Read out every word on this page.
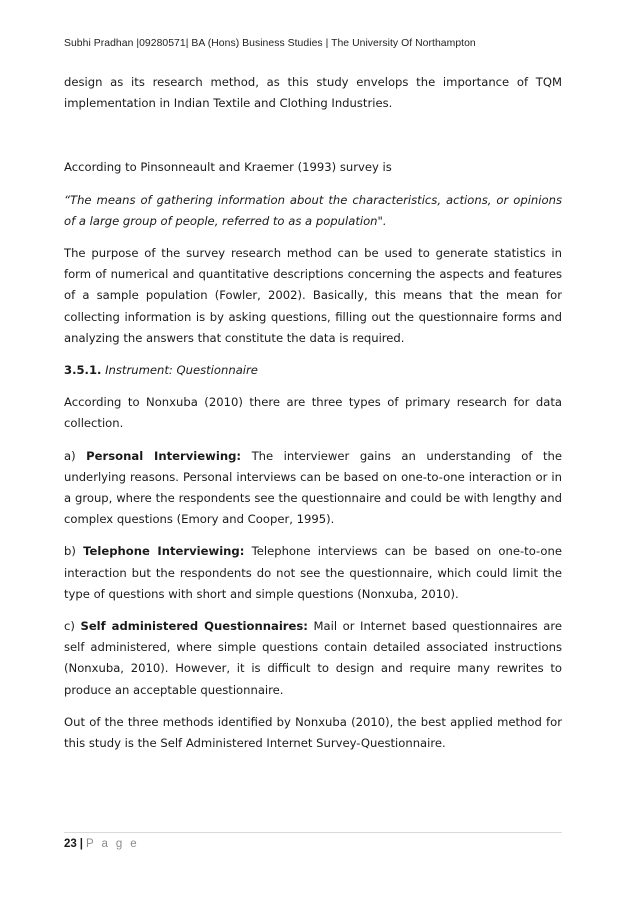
Subhi Pradhan |09280571| BA (Hons) Business Studies | The University Of Northampton

design as its research method, as this study envelops the importance of TQM implementation in Indian Textile and Clothing Industries.

According to Pinsonneault and Kraemer (1993) survey is

“The means of gathering information about the characteristics, actions, or opinions of a large group of people, referred to as a population".

The purpose of the survey research method can be used to generate statistics in form of numerical and quantitative descriptions concerning the aspects and features of a sample population (Fowler, 2002). Basically, this means that the mean for collecting information is by asking questions, filling out the questionnaire forms and analyzing the answers that constitute the data is required.

3.5.1. Instrument: Questionnaire

According to Nonxuba (2010) there are three types of primary research for data collection.

a) Personal Interviewing: The interviewer gains an understanding of the underlying reasons. Personal interviews can be based on one-to-one interaction or in a group, where the respondents see the questionnaire and could be with lengthy and complex questions (Emory and Cooper, 1995).

b) Telephone Interviewing: Telephone interviews can be based on one-to-one interaction but the respondents do not see the questionnaire, which could limit the type of questions with short and simple questions (Nonxuba, 2010).

c) Self administered Questionnaires: Mail or Internet based questionnaires are self administered, where simple questions contain detailed associated instructions (Nonxuba, 2010). However, it is difficult to design and require many rewrites to produce an acceptable questionnaire.

Out of the three methods identified by Nonxuba (2010), the best applied method for this study is the Self Administered Internet Survey-Questionnaire.

23 | P a g e
